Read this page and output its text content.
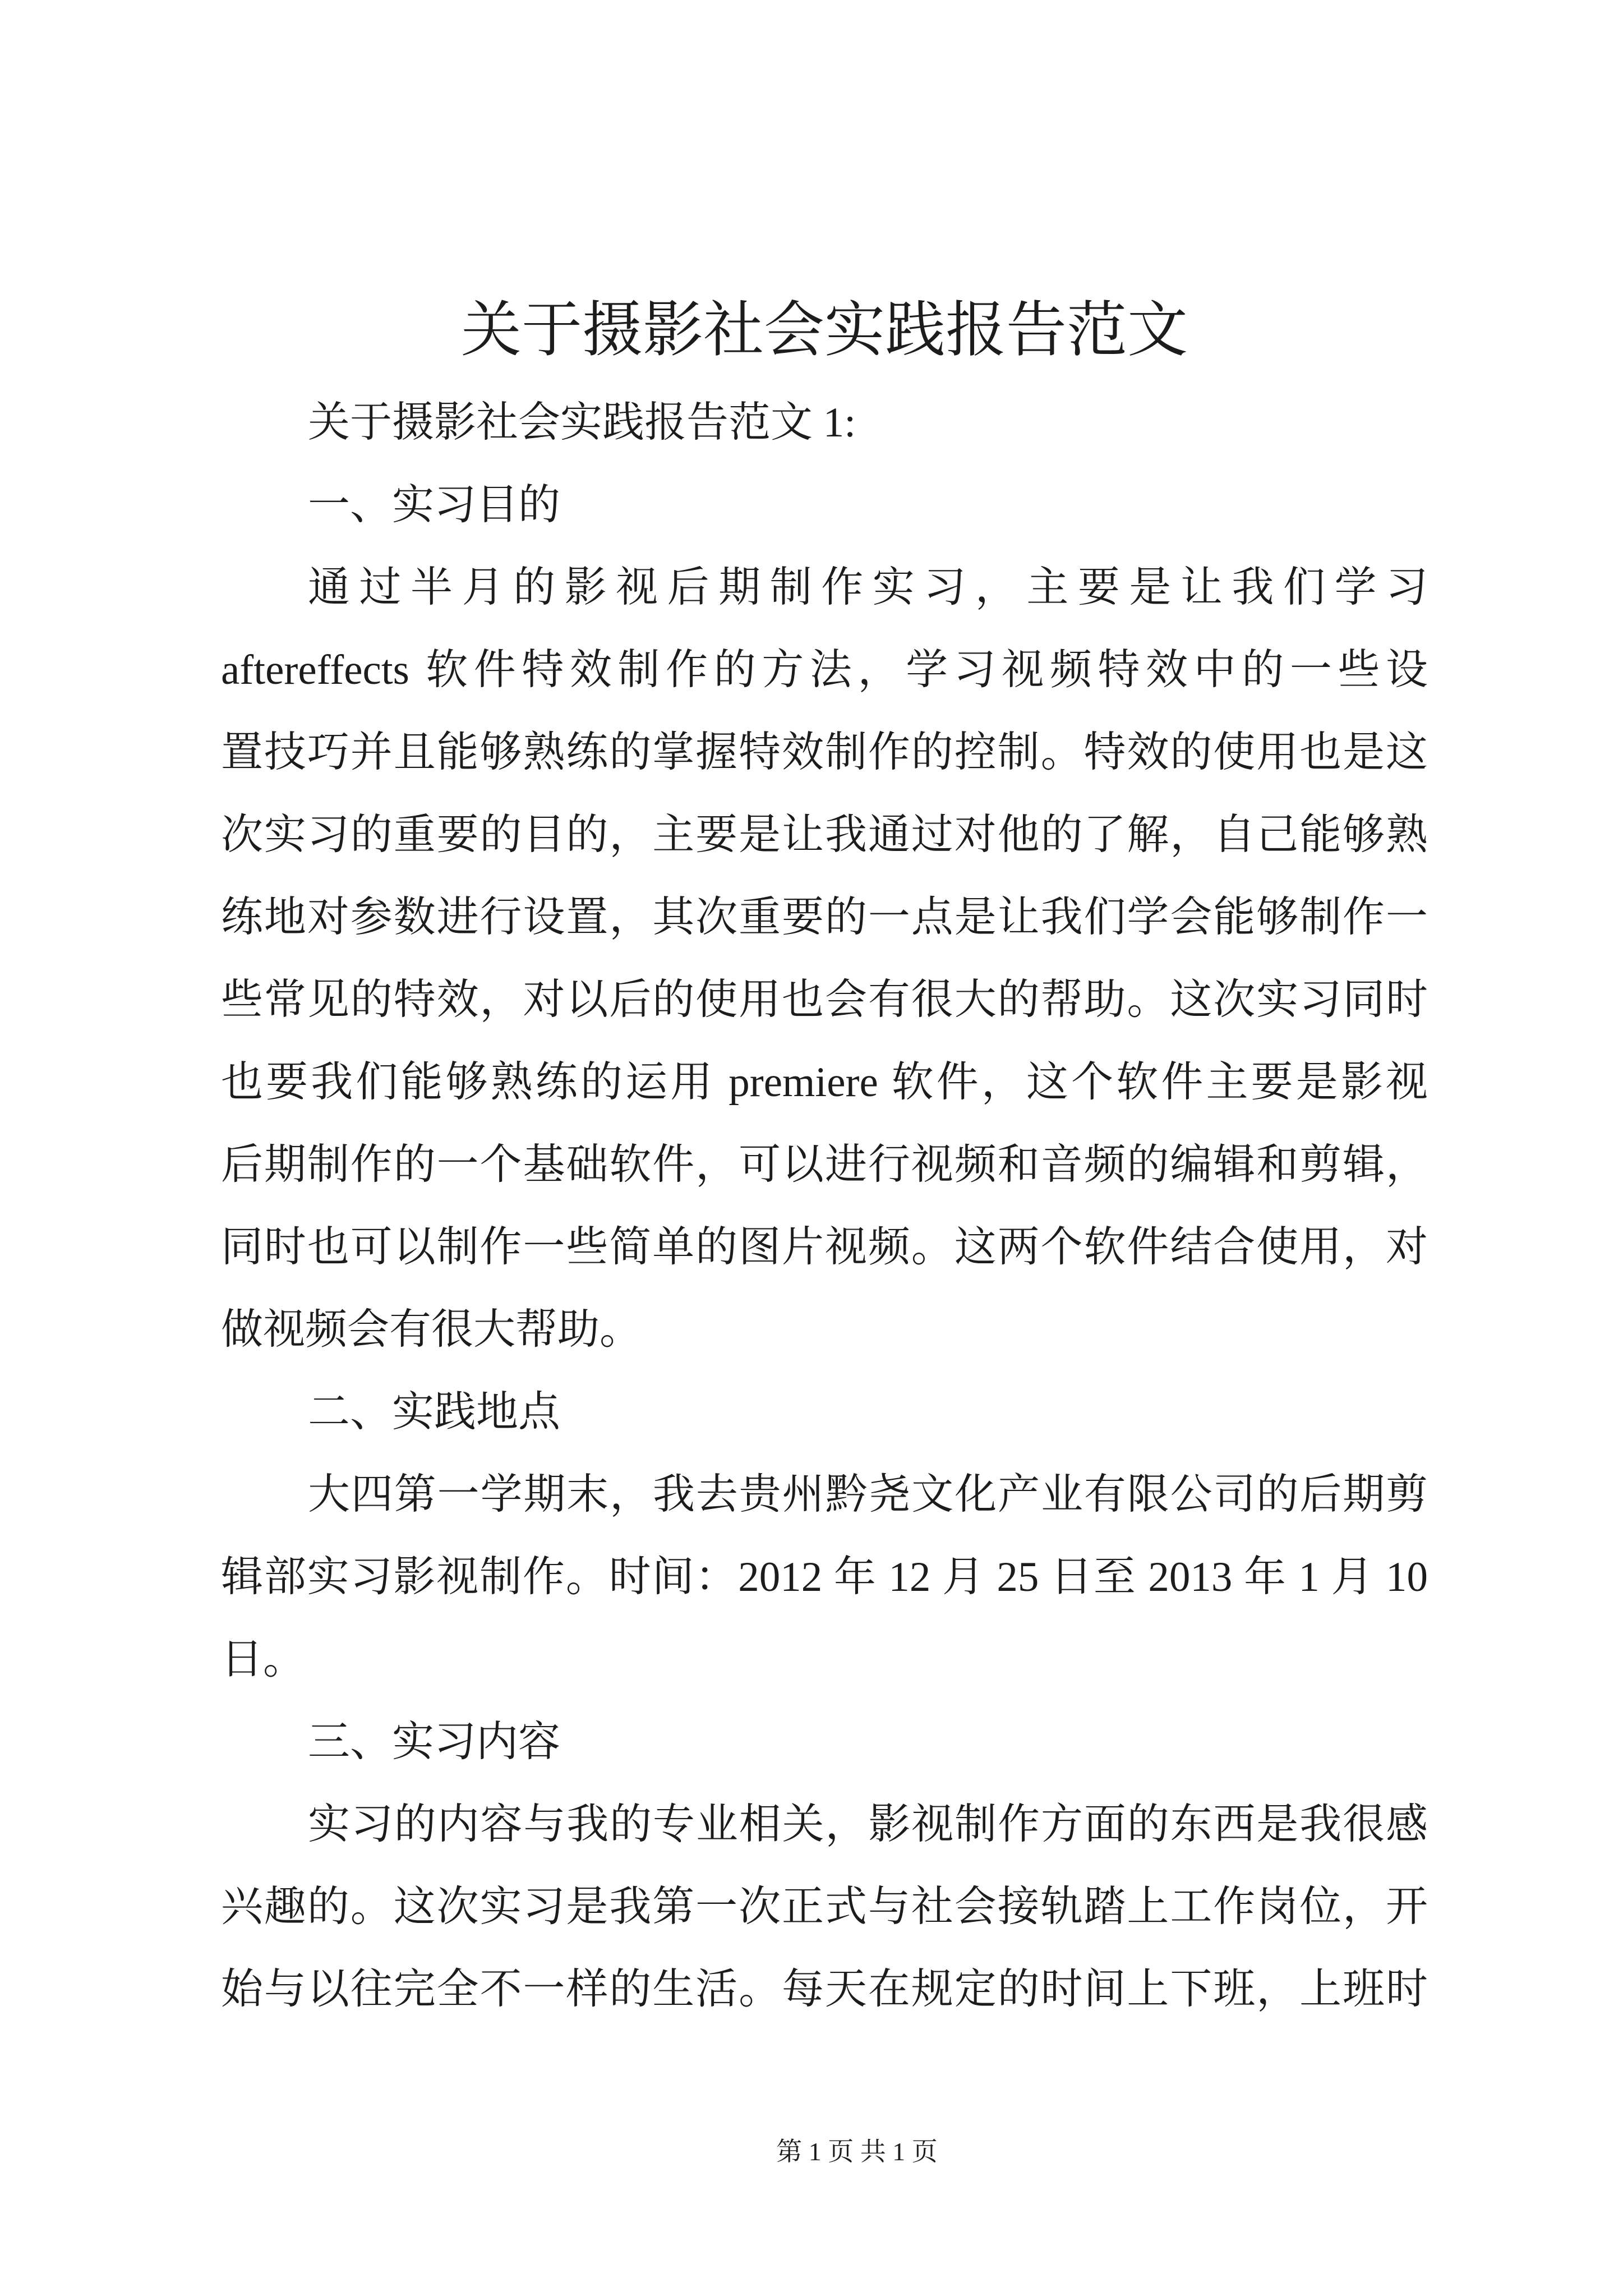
关于摄影社会实践报告范文
关于摄影社会实践报告范文 1:
一、实习目的
通过半月的影视后期制作实习，主要是让我们学习
aftereffects 软件特效制作的方法，学习视频特效中的一些设
置技巧并且能够熟练的掌握特效制作的控制。特效的使用也是这
次实习的重要的目的，主要是让我通过对他的了解，自己能够熟
练地对参数进行设置，其次重要的一点是让我们学会能够制作一
些常见的特效，对以后的使用也会有很大的帮助。这次实习同时
也要我们能够熟练的运用 premiere 软件，这个软件主要是影视
后期制作的一个基础软件，可以进行视频和音频的编辑和剪辑，
同时也可以制作一些简单的图片视频。这两个软件结合使用，对
做视频会有很大帮助。
二、实践地点
大四第一学期末，我去贵州黔尧文化产业有限公司的后期剪
辑部实习影视制作。时间：2012 年 12 月 25 日至 2013 年 1 月 10
日。
三、实习内容
实习的内容与我的专业相关，影视制作方面的东西是我很感
兴趣的。这次实习是我第一次正式与社会接轨踏上工作岗位，开
始与以往完全不一样的生活。每天在规定的时间上下班，上班时
第 1 页 共 1 页
